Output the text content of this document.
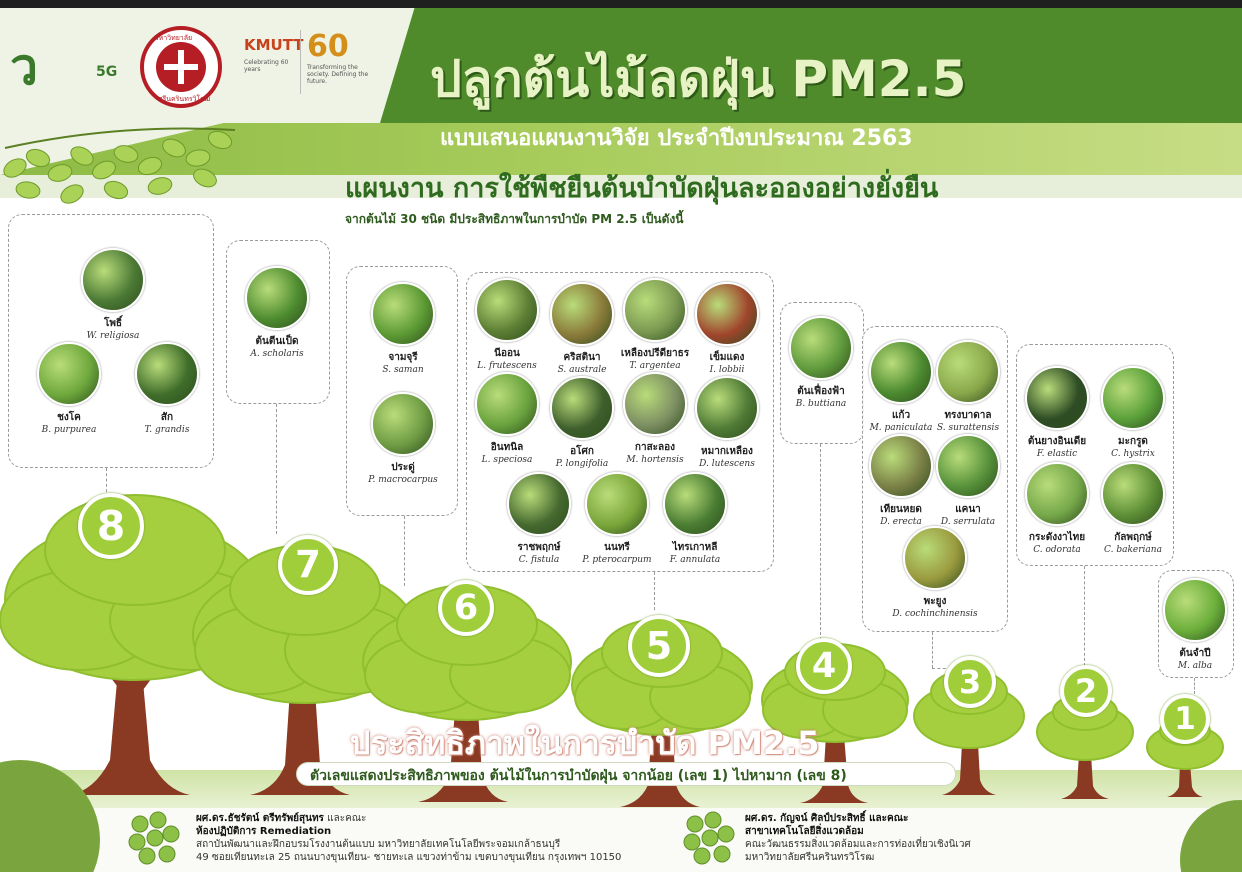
ว	5G
มหาวิทยาลัย
ศรีนครินทรวิโรฒ
KMUTT
Celebrating 60 years
60
Transforming the society. Defining the future.	ปลูกต้นไม้ลดฝุ่น PM2.5
แบบเสนอแผนงานวิจัย ประจำปีงบประมาณ 2563
แผนงาน การใช้พืชยืนต้นบำบัดฝุ่นละอองอย่างยั่งยืน
จากต้นไม้ 30 ชนิด มีประสิทธิภาพในการบำบัด PM 2.5 เป็นดังนี้
8
7
6
5	4	3	2
1
โพธิ์
W. religiosa
ชงโค
B. purpurea
สัก
T. grandis
ต้นตีนเป็ด
A. scholaris	จามจุรี
S. saman
ประดู่
P. macrocarpus
นีออน
L. frutescens
คริสตินา
S. australe
เหลืองปรีดียาธร
T. argentea
เข็มแดง
I. lobbii
อินทนิล
L. speciosa
อโศก
P. longifolia
กาสะลอง
M. hortensis
หมากเหลือง
D. lutescens
ราชพฤกษ์
C. fistula
นนทรี
P. pterocarpum
ไทรเกาหลี
F. annulata
ต้นเฟื่องฟ้า
B. buttiana
แก้ว
M. paniculata
ทรงบาดาล
S. surattensis
เทียนหยด
D. erecta
แคนา
D. serrulata
พะยูง
D. cochinchinensis
ต้นยางอินเดีย
F. elastic
มะกรูด
C. hystrix
กระดังงาไทย
C. odorata
กัลพฤกษ์
C. bakeriana
ต้นจำปี
M. alba
ประสิทธิภาพในการบำบัด PM2.5
ตัวเลขแสดงประสิทธิภาพของ ต้นไม้ในการบำบัดฝุ่น จากน้อย (เลข 1) ไปหามาก (เลข 8)
ผศ.ดร.ธัชรัตน์ ตรีทรัพย์สุนทร และคณะ
ห้องปฏิบัติการ Remediation
สถาบันพัฒนาและฝึกอบรมโรงงานต้นแบบ มหาวิทยาลัยเทคโนโลยีพระจอมเกล้าธนบุรี
49 ซอยเทียนทะเล 25 ถนนบางขุนเทียน- ชายทะเล แขวงท่าข้าม เขตบางขุนเทียน กรุงเทพฯ 10150
ผศ.ดร. กัญจน์ ศิลป์ประสิทธิ์ และคณะ
สาขาเทคโนโลยีสิ่งแวดล้อม
คณะวัฒนธรรมสิ่งแวดล้อมและการท่องเที่ยวเชิงนิเวศ
มหาวิทยาลัยศรีนครินทรวิโรฒ
